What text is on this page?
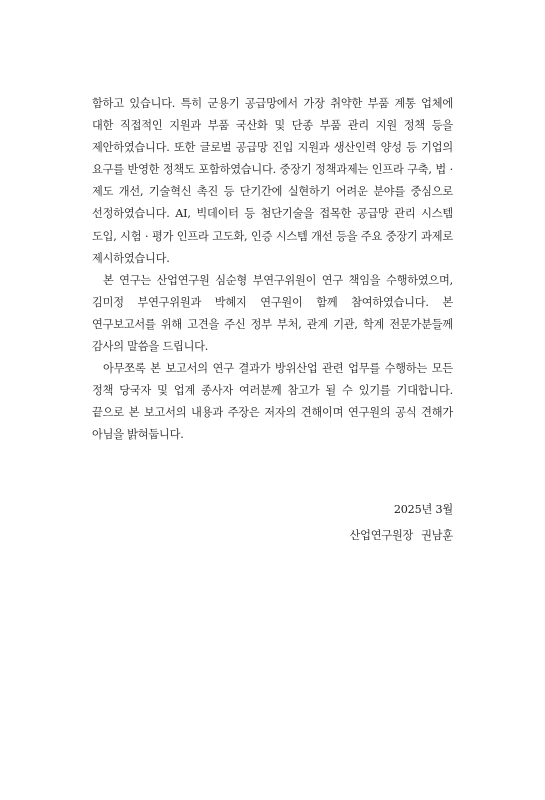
함하고 있습니다. 특히 군용기 공급망에서 가장 취약한 부품 계통 업체에 대한 직접적인 지원과 부품 국산화 및 단종 부품 관리 지원 정책 등을 제안하였습니다. 또한 글로벌 공급망 진입 지원과 생산인력 양성 등 기업의 요구를 반영한 정책도 포함하였습니다. 중장기 정책과제는 인프라 구축, 법 · 제도 개선, 기술혁신 촉진 등 단기간에 실현하기 어려운 분야를 중심으로 선정하였습니다. AI, 빅데이터 등 첨단기술을 접목한 공급망 관리 시스템 도입, 시험 · 평가 인프라 고도화, 인증 시스템 개선 등을 주요 중장기 과제로 제시하였습니다.

본 연구는 산업연구원 심순형 부연구위원이 연구 책임을 수행하였으며, 김미정 부연구위원과 박혜지 연구원이 함께 참여하였습니다. 본 연구보고서를 위해 고견을 주신 정부 부처, 관계 기관, 학계 전문가분들께 감사의 말씀을 드립니다.

아무쪼록 본 보고서의 연구 결과가 방위산업 관련 업무를 수행하는 모든 정책 당국자 및 업계 종사자 여러분께 참고가 될 수 있기를 기대합니다. 끝으로 본 보고서의 내용과 주장은 저자의 견해이며 연구원의 공식 견해가 아님을 밝혀둡니다.

2025년 3월
산업연구원장 권남훈
